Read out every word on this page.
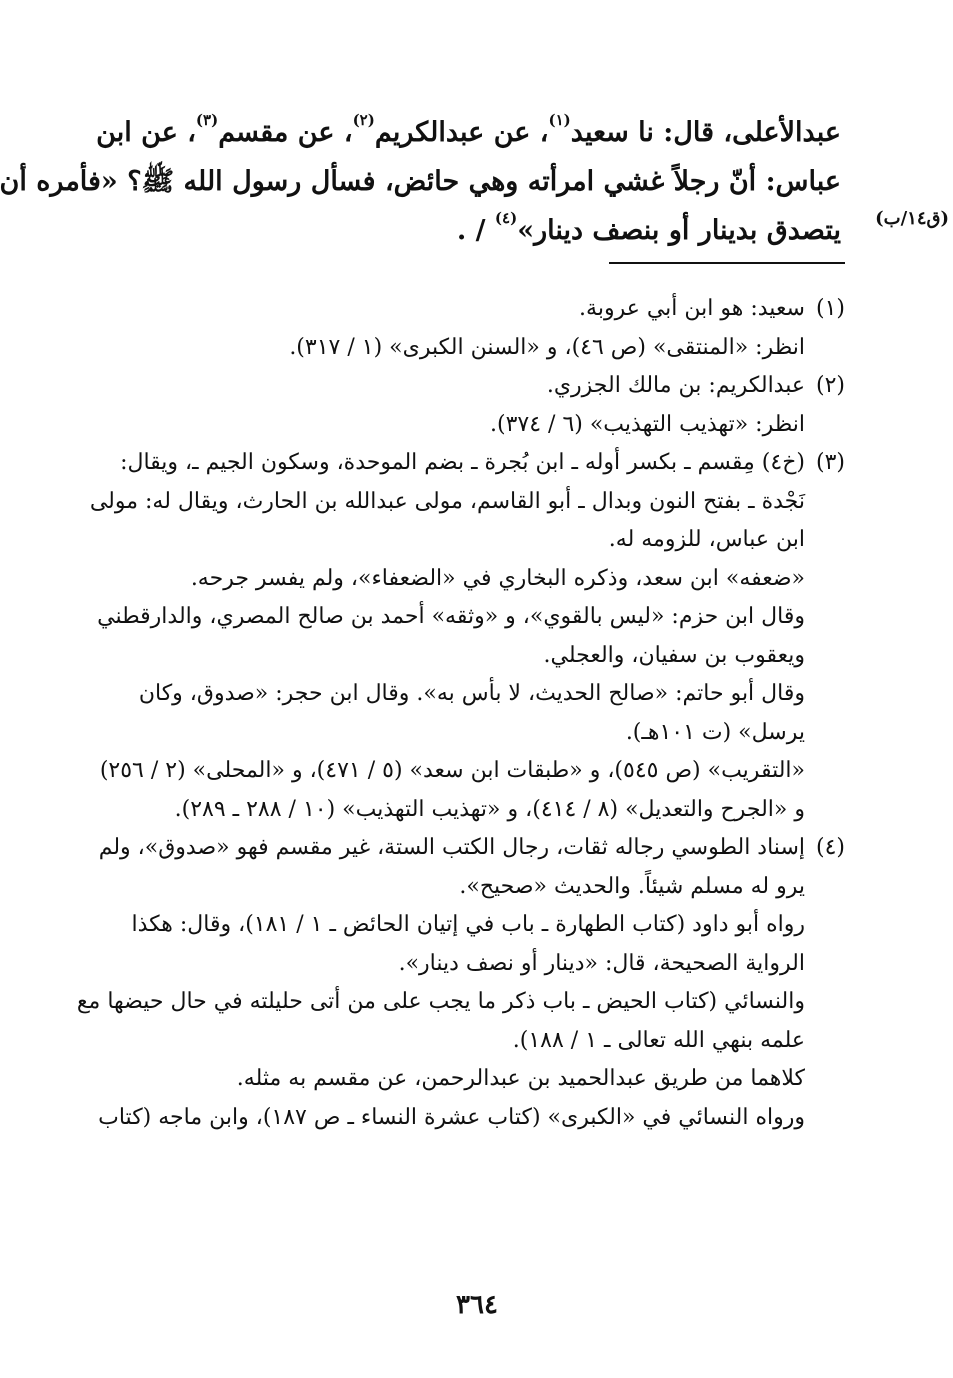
عبدالأعلى، قال: نا سعيد$^{(١)}$، عن عبدالكريم$^{(٢)}$، عن مقسم$^{(٣)}$، عن ابن
عباس: أنّ رجلاً غشي امرأته وهي حائض، فسأل رسول الله ﷺ؟ «فأمره أن
يتصدق بدينار أو بنصف دينار»$^{(٤)}$ / .	(ق١٤/ب)
(١)سعيد: هو ابن أبي عروبة.
انظر: «المنتقى» (ص ٤٦)، و «السنن الكبرى» (١ / ٣١٧).
(٢)عبدالكريم: بن مالك الجزري.
انظر: «تهذيب التهذيب» (٦ / ٣٧٤).
(٣)(خ٤) مِقسم ـ بكسر أوله ـ ابن بُجرة ـ بضم الموحدة، وسكون الجيم ـ، ويقال:
نَجْدة ـ بفتح النون وبدال ـ أبو القاسم، مولى عبدالله بن الحارث، ويقال له: مولى
ابن عباس، للزومه له.
«ضعفه» ابن سعد، وذكره البخاري في «الضعفاء»، ولم يفسر جرحه.
وقال ابن حزم: «ليس بالقوي»، و «وثقه» أحمد بن صالح المصري، والدارقطني
ويعقوب بن سفيان، والعجلي.
وقال أبو حاتم: «صالح الحديث، لا بأس به». وقال ابن حجر: «صدوق، وكان
يرسل» (ت ١٠١هـ).
«التقريب» (ص ٥٤٥)، و «طبقات ابن سعد» (٥ / ٤٧١)، و «المحلى» (٢ / ٢٥٦)
و «الجرح والتعديل» (٨ / ٤١٤)، و «تهذيب التهذيب» (١٠ / ٢٨٨ ـ ٢٨٩).
(٤)إسناد الطوسي رجاله ثقات، رجال الكتب الستة، غير مقسم فهو «صدوق»، ولم
يرو له مسلم شيئاً. والحديث «صحيح».
رواه أبو داود (كتاب الطهارة ـ باب في إتيان الحائض ـ ١ / ١٨١)، وقال: هكذا
الرواية الصحيحة، قال: «دينار أو نصف دينار».
والنسائي (كتاب الحيض ـ باب ذكر ما يجب على من أتى حليلته في حال حيضها مع
علمه بنهي الله تعالى ـ ١ / ١٨٨).
كلاهما من طريق عبدالحميد بن عبدالرحمن، عن مقسم به مثله.
ورواه النسائي في «الكبرى» (كتاب عشرة النساء ـ ص ١٨٧)، وابن ماجه (كتاب
٣٦٤
